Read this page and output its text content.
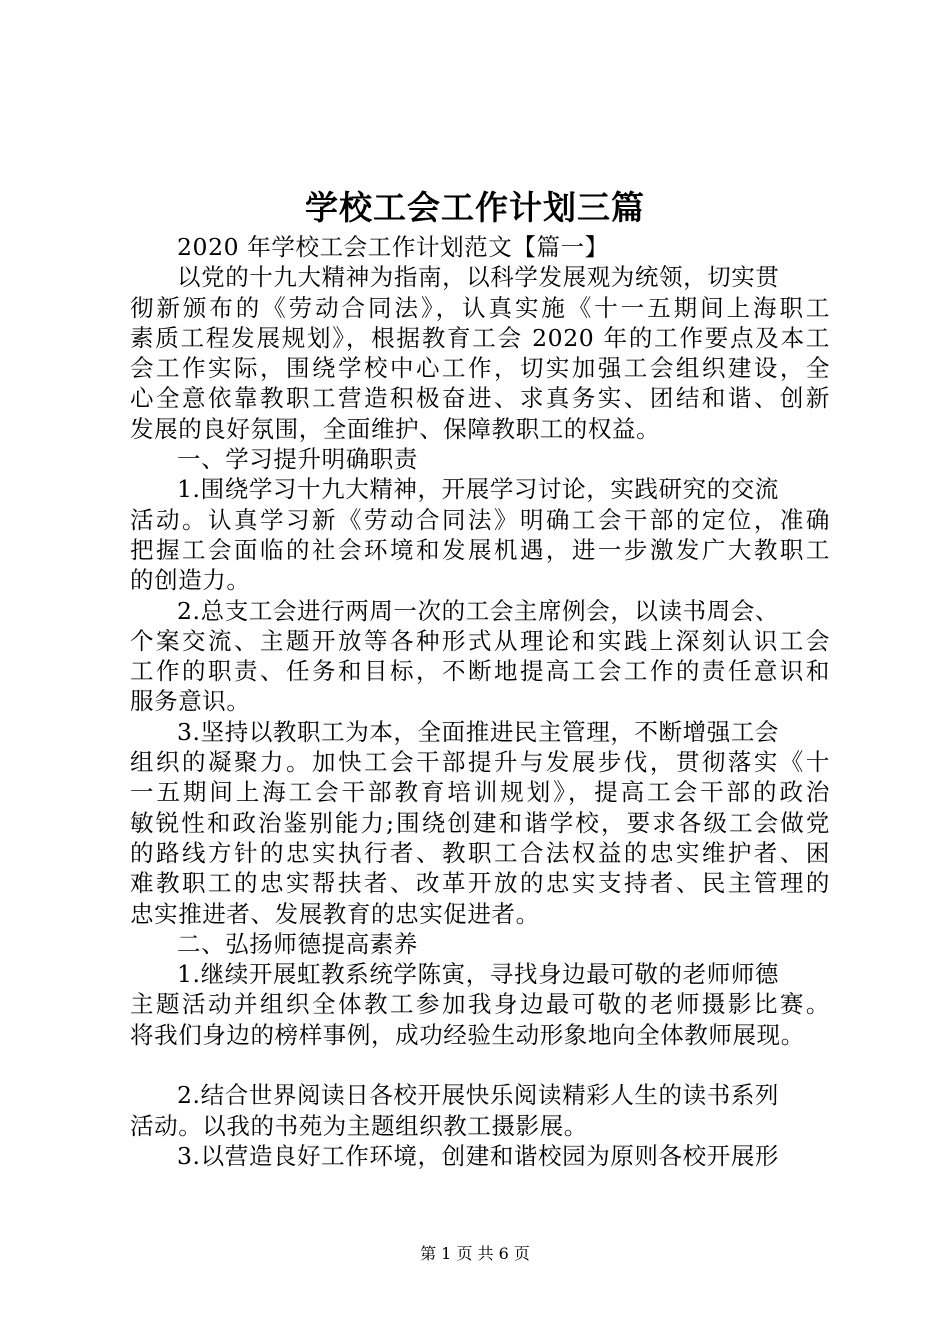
学校工会工作计划三篇
2020 年学校工会工作计划范文【篇一】
以党的十九大精神为指南，以科学发展观为统领，切实贯
彻新颁布的《劳动合同法》，认真实施《十一五期间上海职工
素质工程发展规划》，根据教育工会 2020 年的工作要点及本工
会工作实际，围绕学校中心工作，切实加强工会组织建设，全
心全意依靠教职工营造积极奋进、求真务实、团结和谐、创新
发展的良好氛围，全面维护、保障教职工的权益。
一、学习提升明确职责
1.围绕学习十九大精神，开展学习讨论，实践研究的交流
活动。认真学习新《劳动合同法》明确工会干部的定位，准确
把握工会面临的社会环境和发展机遇，进一步激发广大教职工
的创造力。
2.总支工会进行两周一次的工会主席例会，以读书周会、
个案交流、主题开放等各种形式从理论和实践上深刻认识工会
工作的职责、任务和目标，不断地提高工会工作的责任意识和
服务意识。
3.坚持以教职工为本，全面推进民主管理，不断增强工会
组织的凝聚力。加快工会干部提升与发展步伐，贯彻落实《十
一五期间上海工会干部教育培训规划》，提高工会干部的政治
敏锐性和政治鉴别能力;围绕创建和谐学校，要求各级工会做党
的路线方针的忠实执行者、教职工合法权益的忠实维护者、困
难教职工的忠实帮扶者、改革开放的忠实支持者、民主管理的
忠实推进者、发展教育的忠实促进者。
二、弘扬师德提高素养
1.继续开展虹教系统学陈寅，寻找身边最可敬的老师师德
主题活动并组织全体教工参加我身边最可敬的老师摄影比赛。
将我们身边的榜样事例，成功经验生动形象地向全体教师展现。
2.结合世界阅读日各校开展快乐阅读精彩人生的读书系列
活动。以我的书苑为主题组织教工摄影展。
3.以营造良好工作环境，创建和谐校园为原则各校开展形
第 1 页 共 6 页
